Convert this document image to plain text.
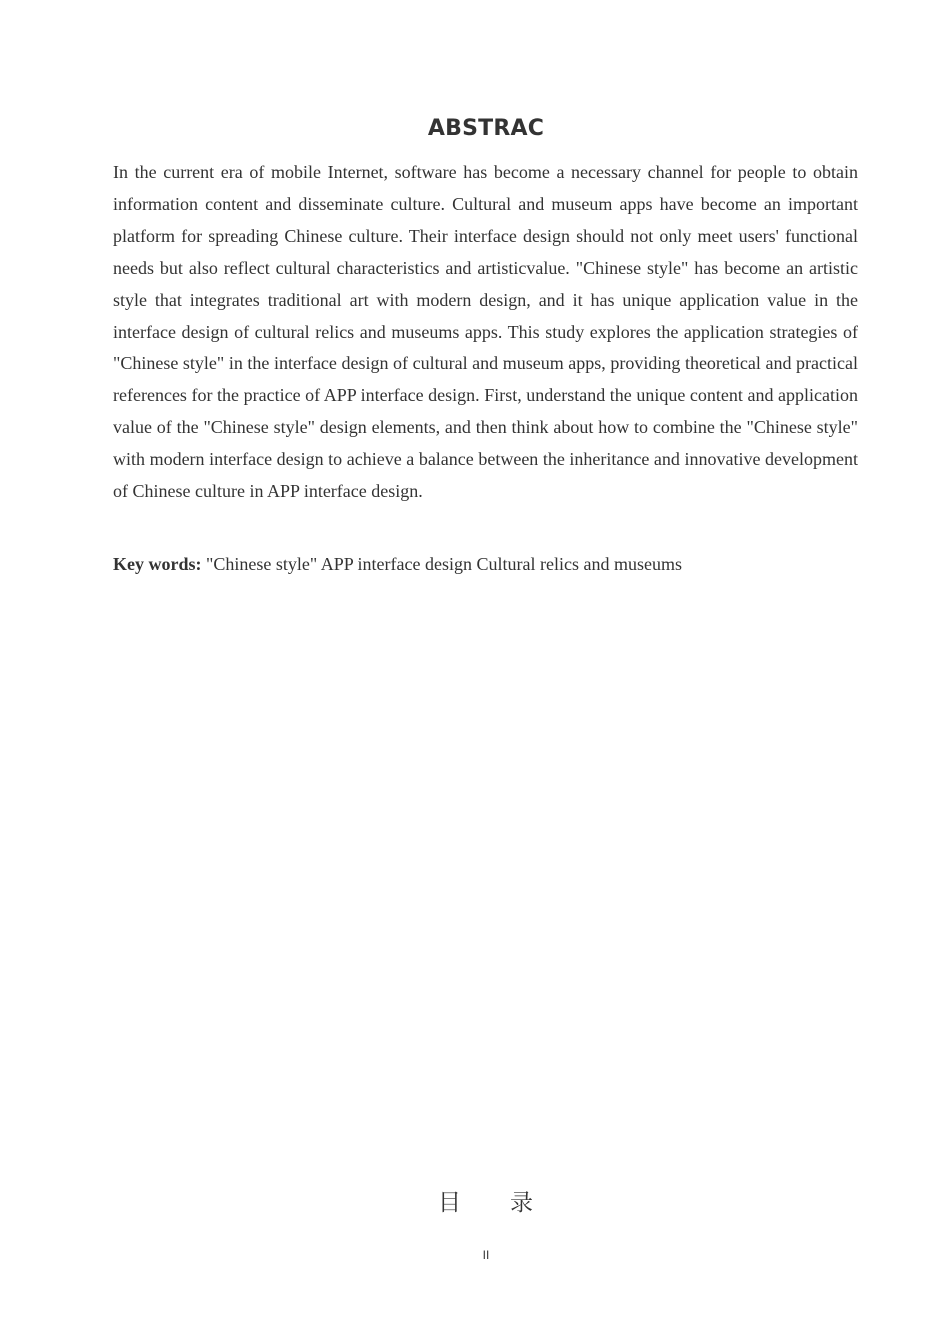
ABSTRAC

In the current era of mobile Internet, software has become a necessary channel for people to obtain information content and disseminate culture. Cultural and museum apps have become an important platform for spreading Chinese culture. Their interface design should not only meet users' functional needs but also reflect cultural characteristics and artisticvalue. "Chinese style" has become an artistic style that integrates traditional art with modern design, and it has unique application value in the interface design of cultural relics and museums apps. This study explores the application strategies of "Chinese style" in the interface design of cultural and museum apps, providing theoretical and practical references for the practice of APP interface design. First, understand the unique content and application value of the "Chinese style" design elements, and then think about how to combine the "Chinese style" with modern interface design to achieve a balance between the inheritance and innovative development of Chinese culture in APP interface design.

Key words: "Chinese style" APP interface design Cultural relics and museums

目　　录
II
